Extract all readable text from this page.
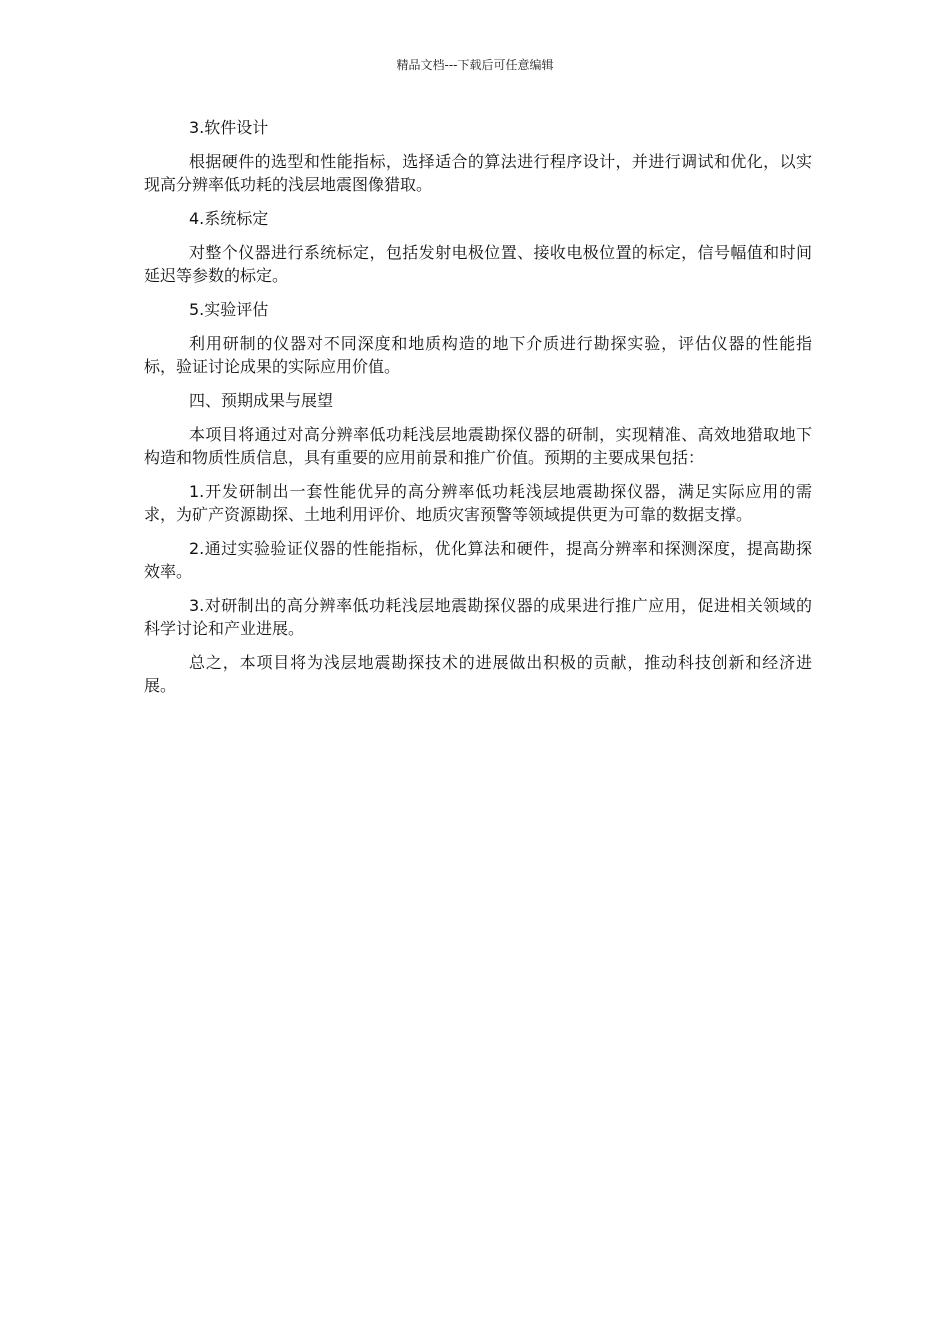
精品文档---下载后可任意编辑

3.软件设计

根据硬件的选型和性能指标，选择适合的算法进行程序设计，并进行调试和优化，以实现高分辨率低功耗的浅层地震图像猎取。

4.系统标定

对整个仪器进行系统标定，包括发射电极位置、接收电极位置的标定，信号幅值和时间延迟等参数的标定。

5.实验评估

利用研制的仪器对不同深度和地质构造的地下介质进行勘探实验，评估仪器的性能指标，验证讨论成果的实际应用价值。

四、预期成果与展望

本项目将通过对高分辨率低功耗浅层地震勘探仪器的研制，实现精准、高效地猎取地下构造和物质性质信息，具有重要的应用前景和推广价值。预期的主要成果包括：

1.开发研制出一套性能优异的高分辨率低功耗浅层地震勘探仪器，满足实际应用的需求，为矿产资源勘探、土地利用评价、地质灾害预警等领域提供更为可靠的数据支撑。

2.通过实验验证仪器的性能指标，优化算法和硬件，提高分辨率和探测深度，提高勘探效率。

3.对研制出的高分辨率低功耗浅层地震勘探仪器的成果进行推广应用，促进相关领域的科学讨论和产业进展。

总之，本项目将为浅层地震勘探技术的进展做出积极的贡献，推动科技创新和经济进展。
